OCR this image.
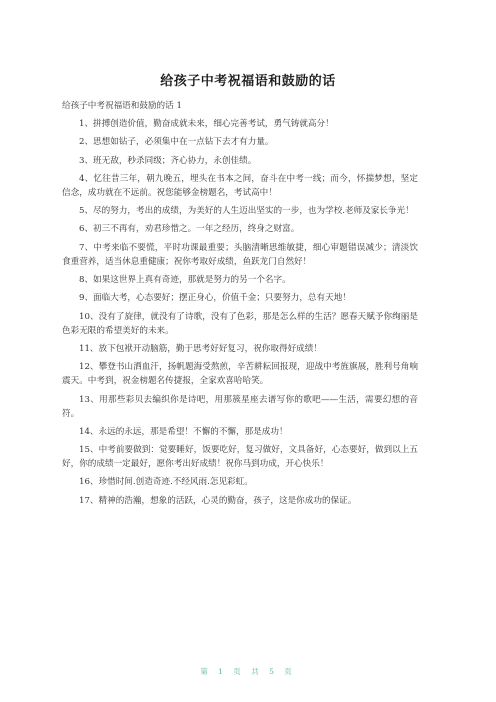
给孩子中考祝福语和鼓励的话
给孩子中考祝福语和鼓励的话 1

1、拼搏创造价值，勤奋成就未来，细心完善考试，勇气铸就高分！

2、思想如钻子，必须集中在一点钻下去才有力量。

3、班无敌，秒杀同级；齐心协力，永创佳绩。

4、忆往昔三年，朝九晚五，埋头在书本之间，奋斗在中考一线；而今，怀揣梦想，坚定信念，成功就在不远前。祝您能够金榜题名，考试高中！

5、尽的努力，考出的成绩，为美好的人生迈出坚实的一步，也为学校.老师及家长争光！

6、初三不再有，劝君珍惜之。一年之经历，终身之财富。

7、中考来临不要慌，平时功课最重要；头脑清晰思维敏捷，细心审题错误减少；清淡饮食重营养，适当休息重健康；祝你考取好成绩，鱼跃龙门自然好！

8、如果这世界上真有奇迹，那就是努力的另一个名字。

9、面临大考，心态要好；摆正身心，价值千金；只要努力，总有天地！

10、没有了旋律，就没有了诗歌，没有了色彩，那是怎么样的生活？愿春天赋予你绚丽是色彩无限的希望美好的未来。

11、放下包袱开动脑筋，勤于思考好好复习，祝你取得好成绩！

12、攀登书山洒血汗，扬帆题海受熬煎，辛苦耕耘回报现，迎战中考旌旗展，胜利号角响震天。中考到，祝金榜题名传捷报，全家欢喜哈哈笑。

13、用那些彩贝去编织你是诗吧，用那簇星座去谱写你的歌吧——生活，需要幻想的音符。

14、永远的永远，那是希望！不懈的不懈，那是成功！

15、中考前要做到：觉要睡好，饭要吃好，复习做好，文具备好，心态要好，做到以上五好，你的成绩一定最好，愿你考出好成绩！祝你马到功成，开心快乐！

16、珍惜时间.创造奇迹.不经风雨.怎见彩虹。

17、精神的浩瀚，想象的活跃，心灵的勤奋，孩子，这是你成功的保证。

第 1 页 共 5 页
